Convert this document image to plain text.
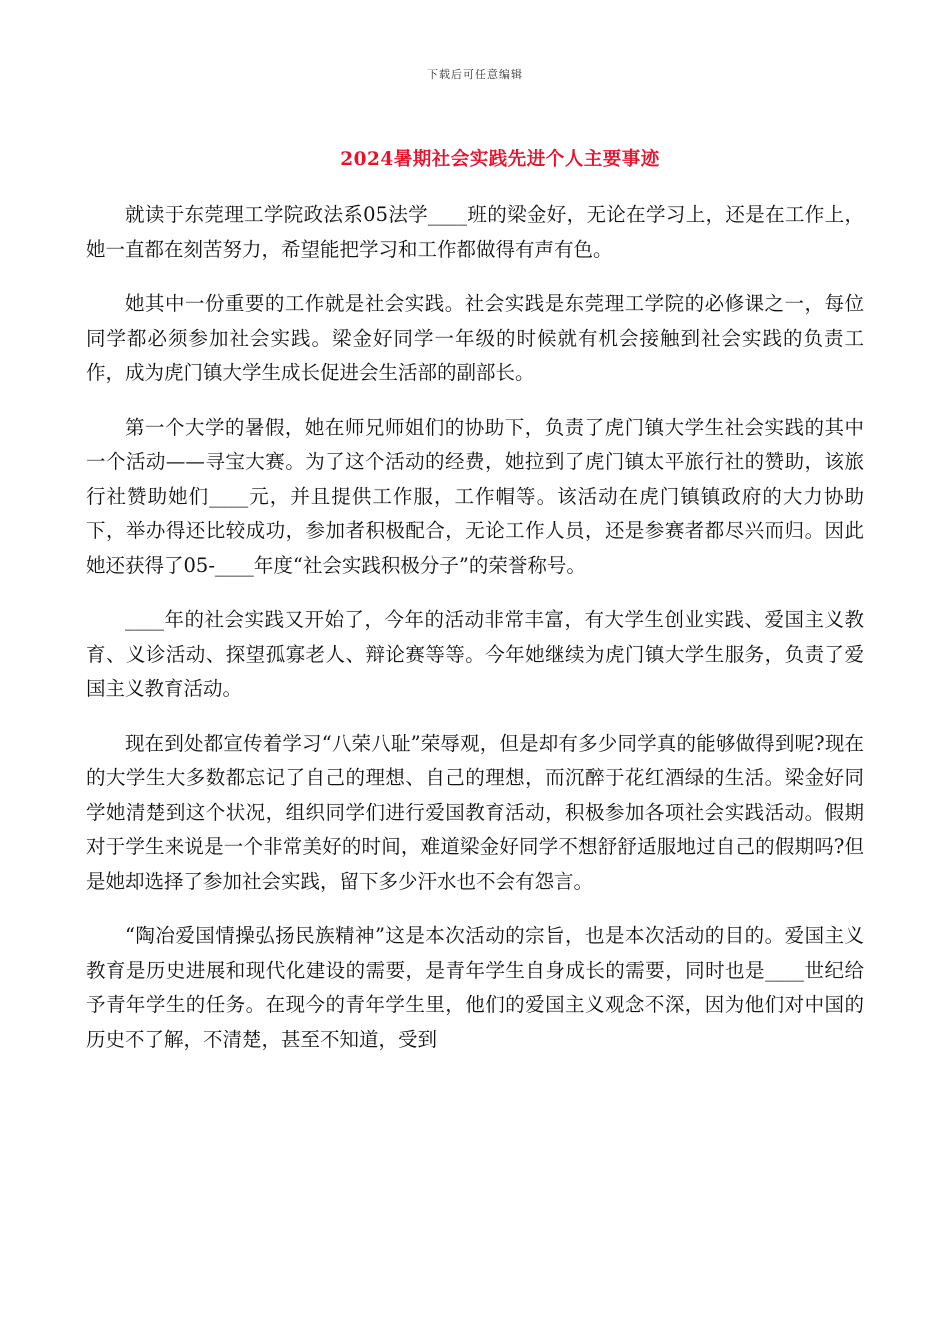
下载后可任意编辑
2024暑期社会实践先进个人主要事迹

就读于东莞理工学院政法系05法学____班的梁金好，无论在学习上，还是在工作上，她一直都在刻苦努力，希望能把学习和工作都做得有声有色。

她其中一份重要的工作就是社会实践。社会实践是东莞理工学院的必修课之一，每位同学都必须参加社会实践。梁金好同学一年级的时候就有机会接触到社会实践的负责工作，成为虎门镇大学生成长促进会生活部的副部长。

第一个大学的暑假，她在师兄师姐们的协助下，负责了虎门镇大学生社会实践的其中一个活动——寻宝大赛。为了这个活动的经费，她拉到了虎门镇太平旅行社的赞助，该旅行社赞助她们____元，并且提供工作服，工作帽等。该活动在虎门镇镇政府的大力协助下，举办得还比较成功，参加者积极配合，无论工作人员，还是参赛者都尽兴而归。因此她还获得了05-____年度“社会实践积极分子”的荣誉称号。

____年的社会实践又开始了，今年的活动非常丰富，有大学生创业实践、爱国主义教育、义诊活动、探望孤寡老人、辩论赛等等。今年她继续为虎门镇大学生服务，负责了爱国主义教育活动。

现在到处都宣传着学习“八荣八耻”荣辱观，但是却有多少同学真的能够做得到呢?现在的大学生大多数都忘记了自己的理想、自己的理想，而沉醉于花红酒绿的生活。梁金好同学她清楚到这个状况，组织同学们进行爱国教育活动，积极参加各项社会实践活动。假期对于学生来说是一个非常美好的时间，难道梁金好同学不想舒舒适服地过自己的假期吗?但是她却选择了参加社会实践，留下多少汗水也不会有怨言。

“陶冶爱国情操弘扬民族精神”这是本次活动的宗旨，也是本次活动的目的。爱国主义教育是历史进展和现代化建设的需要，是青年学生自身成长的需要，同时也是____世纪给予青年学生的任务。在现今的青年学生里，他们的爱国主义观念不深，因为他们对中国的历史不了解，不清楚，甚至不知道，受到
